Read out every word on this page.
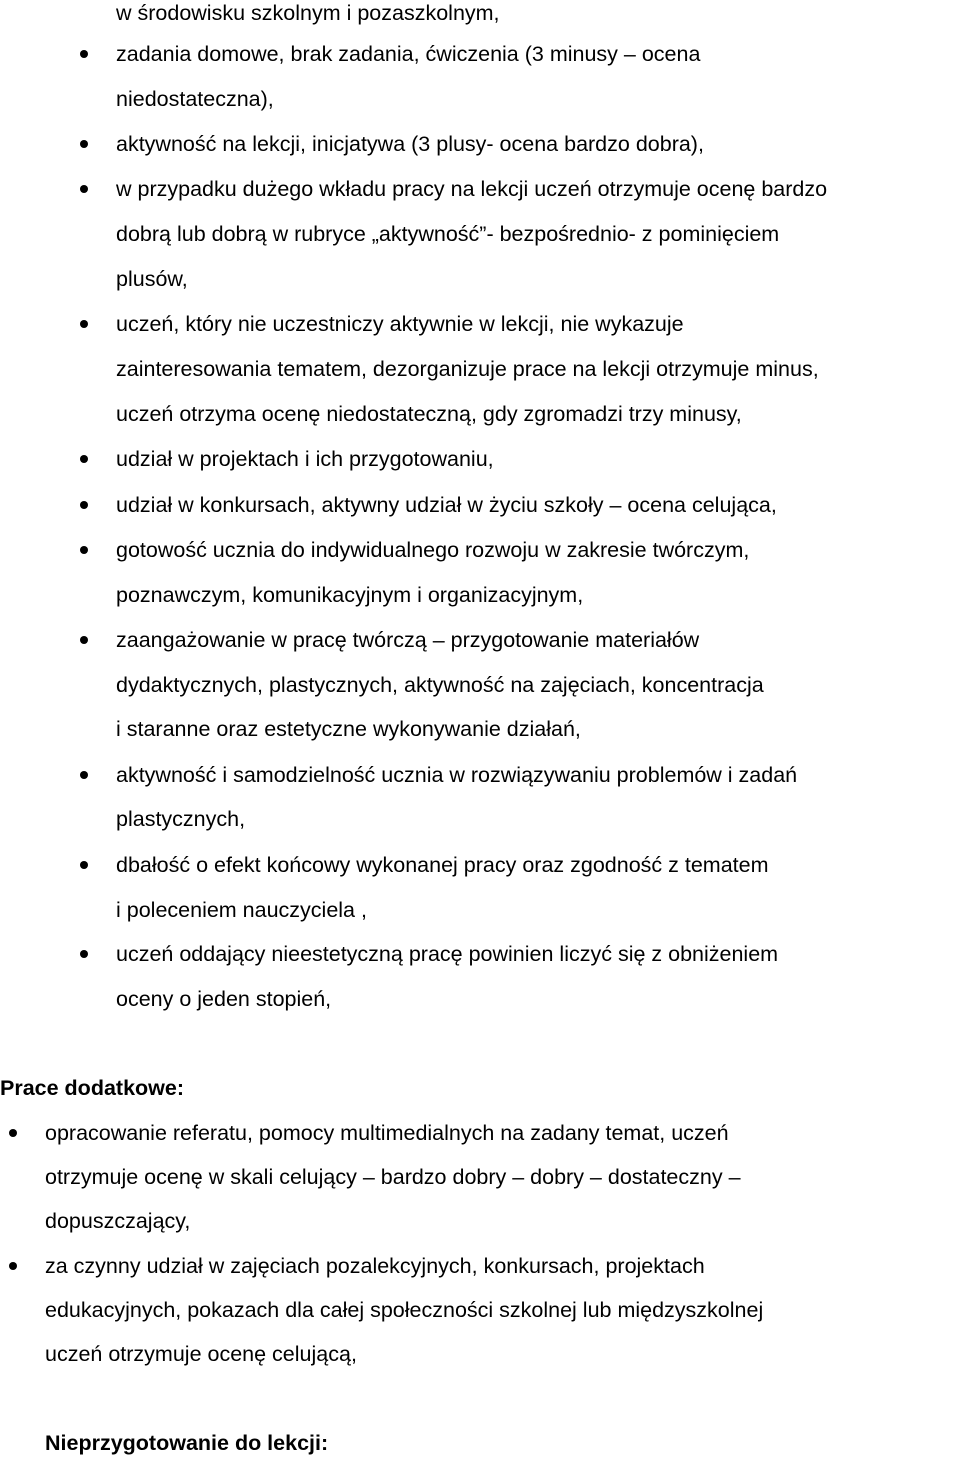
w środowisku szkolnym i pozaszkolnym,
zadania domowe, brak zadania, ćwiczenia (3 minusy – ocena
niedostateczna),
aktywność na lekcji, inicjatywa (3 plusy- ocena bardzo dobra),
w przypadku dużego wkładu pracy na lekcji uczeń otrzymuje ocenę bardzo
dobrą lub dobrą w rubryce „aktywność”- bezpośrednio- z pominięciem
plusów,
uczeń, który nie uczestniczy aktywnie w lekcji, nie wykazuje
zainteresowania tematem, dezorganizuje prace na lekcji otrzymuje minus,
uczeń otrzyma ocenę niedostateczną, gdy zgromadzi trzy minusy,
udział w projektach i ich przygotowaniu,
udział w konkursach, aktywny udział w życiu szkoły – ocena celująca,
gotowość ucznia do indywidualnego rozwoju w zakresie twórczym,
poznawczym, komunikacyjnym i organizacyjnym,
zaangażowanie w pracę twórczą – przygotowanie materiałów
dydaktycznych, plastycznych, aktywność na zajęciach, koncentracja
i staranne oraz estetyczne wykonywanie działań,
aktywność i samodzielność ucznia w rozwiązywaniu problemów i zadań
plastycznych,
dbałość o efekt końcowy wykonanej pracy oraz zgodność z tematem
i poleceniem nauczyciela ,
uczeń oddający nieestetyczną pracę powinien liczyć się z obniżeniem
oceny o jeden stopień,
Prace dodatkowe:
opracowanie referatu, pomocy multimedialnych na zadany temat, uczeń
otrzymuje ocenę w skali celujący – bardzo dobry – dobry – dostateczny –
dopuszczający,
za czynny udział w zajęciach pozalekcyjnych, konkursach, projektach
edukacyjnych, pokazach dla całej społeczności szkolnej lub międzyszkolnej
uczeń otrzymuje ocenę celującą,
Nieprzygotowanie do lekcji:
